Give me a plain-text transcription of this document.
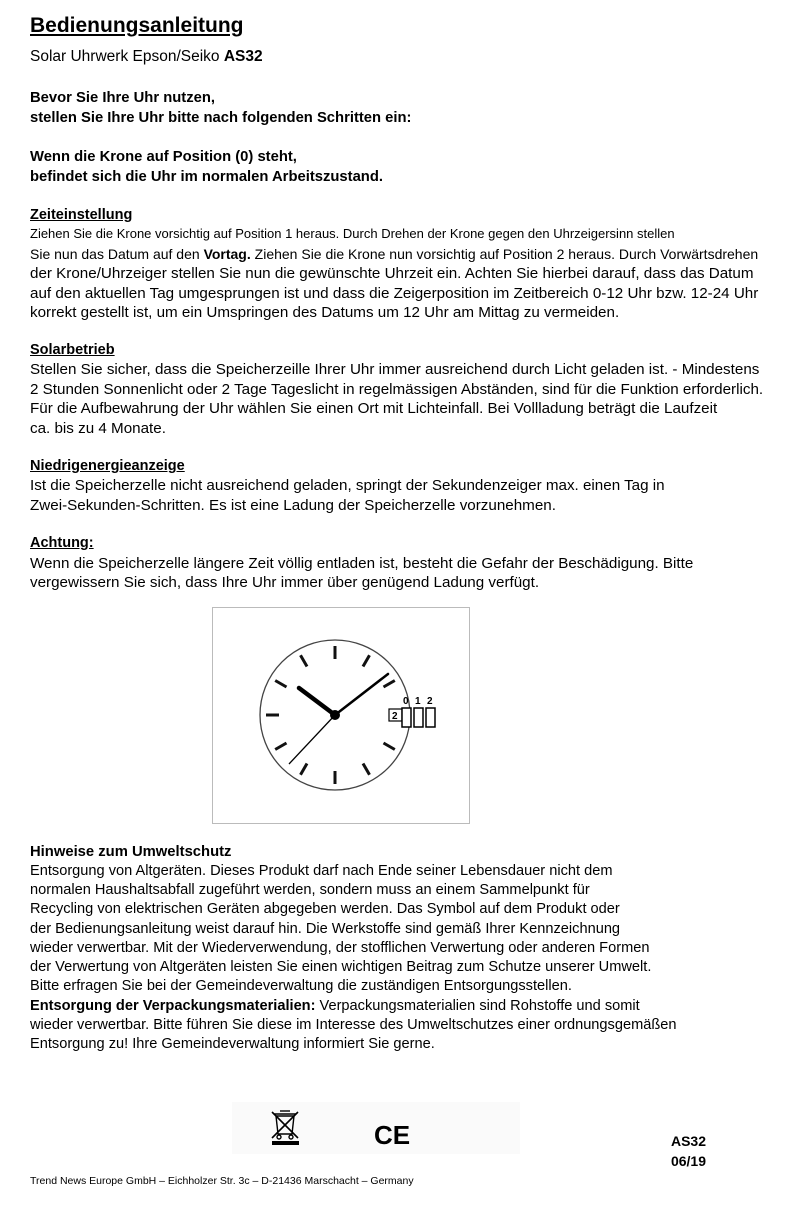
Bedienungsanleitung
Solar Uhrwerk Epson/Seiko AS32
Bevor Sie Ihre Uhr nutzen,
stellen Sie Ihre Uhr bitte nach folgenden Schritten ein:
Wenn die Krone auf Position (0) steht,
befindet sich die Uhr im normalen Arbeitszustand.
Zeiteinstellung
Ziehen Sie die Krone vorsichtig auf Position 1 heraus. Durch Drehen der Krone gegen den Uhrzeigersinn stellen
Sie nun das Datum auf den Vortag. Ziehen Sie die Krone nun vorsichtig auf Position 2 heraus. Durch Vorwärtsdrehen
der Krone/Uhrzeiger stellen Sie nun die gewünschte Uhrzeit ein. Achten Sie hierbei darauf, dass das Datum
auf den aktuellen Tag umgesprungen ist und dass die Zeigerposition im Zeitbereich 0-12 Uhr bzw. 12-24 Uhr
korrekt gestellt ist, um ein Umspringen des Datums um 12 Uhr am Mittag zu vermeiden.
Solarbetrieb
Stellen Sie sicher, dass die Speicherzeille Ihrer Uhr immer ausreichend durch Licht geladen ist. - Mindestens
2 Stunden Sonnenlicht oder 2 Tage Tageslicht in regelmässigen Abständen, sind für die Funktion erforderlich.
Für die Aufbewahrung der Uhr wählen Sie einen Ort mit Lichteinfall. Bei Vollladung beträgt die Laufzeit
ca. bis zu 4 Monate.
Niedrigenergieanzeige
Ist die Speicherzelle nicht ausreichend geladen, springt der Sekundenzeiger max. einen Tag in
Zwei-Sekunden-Schritten. Es ist eine Ladung der Speicherzelle vorzunehmen.
Achtung:
Wenn die Speicherzelle längere Zeit völlig entladen ist, besteht die Gefahr der Beschädigung. Bitte
vergewissern Sie sich, dass Ihre Uhr immer über genügend Ladung verfügt.
2
0 1 2
Hinweise zum Umweltschutz
Entsorgung von Altgeräten. Dieses Produkt darf nach Ende seiner Lebensdauer nicht dem
normalen Haushaltsabfall zugeführt werden, sondern muss an einem Sammelpunkt für
Recycling von elektrischen Geräten abgegeben werden. Das Symbol auf dem Produkt oder
der Bedienungsanleitung weist darauf hin. Die Werkstoffe sind gemäß Ihrer Kennzeichnung
wieder verwertbar. Mit der Wiederverwendung, der stofflichen Verwertung oder anderen Formen
der Verwertung von Altgeräten leisten Sie einen wichtigen Beitrag zum Schutze unserer Umwelt.
Bitte erfragen Sie bei der Gemeindeverwaltung die zuständigen Entsorgungsstellen.
Entsorgung der Verpackungsmaterialien: Verpackungsmaterialien sind Rohstoffe und somit
wieder verwertbar. Bitte führen Sie diese im Interesse des Umweltschutzes einer ordnungsgemäßen
Entsorgung zu! Ihre Gemeindeverwaltung informiert Sie gerne.
CE	AS32
06/19
Trend News Europe GmbH – Eichholzer Str. 3c – D-21436 Marschacht – Germany
